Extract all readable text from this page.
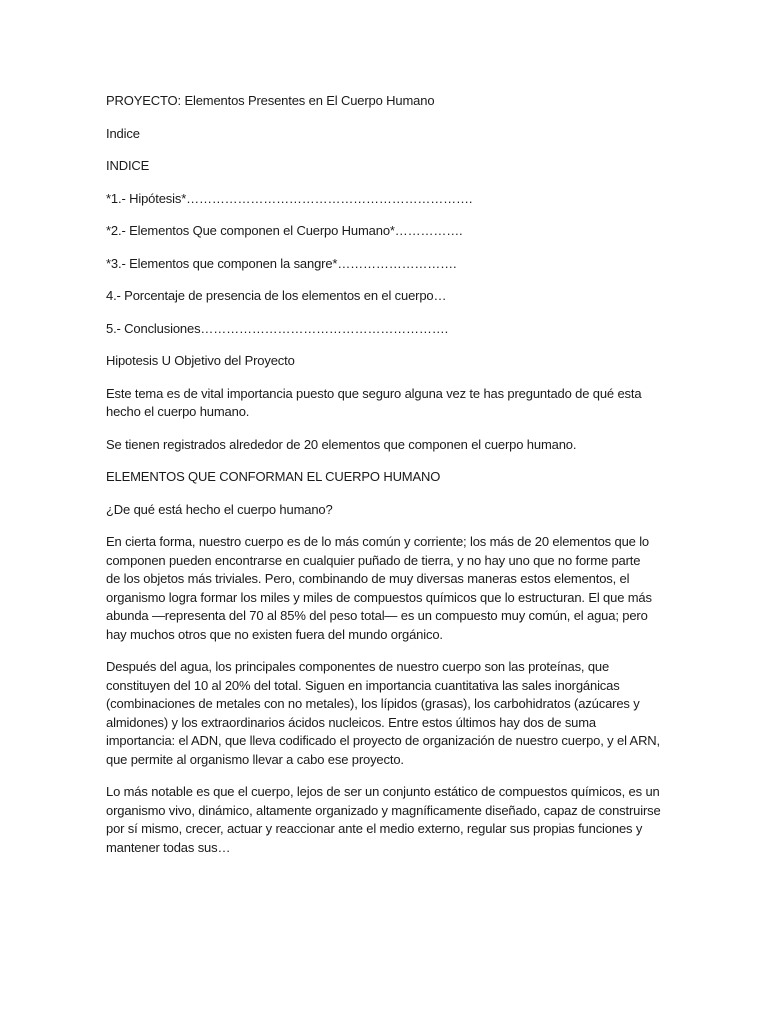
PROYECTO: Elementos Presentes en El Cuerpo Humano

Indice

INDICE

*1.- Hipótesis*………………………………………………………….

*2.- Elementos Que componen el Cuerpo Humano*…………….

*3.- Elementos que componen la sangre*……………………….

4.- Porcentaje de presencia de los elementos en el cuerpo…

5.- Conclusiones………………………………………………….

Hipotesis U Objetivo del Proyecto

Este tema es de vital importancia puesto que seguro alguna vez te has preguntado de qué esta
hecho el cuerpo humano.

Se tienen registrados alrededor de 20 elementos que componen el cuerpo humano.

ELEMENTOS QUE CONFORMAN EL CUERPO HUMANO

¿De qué está hecho el cuerpo humano?

En cierta forma, nuestro cuerpo es de lo más común y corriente; los más de 20 elementos que lo
componen pueden encontrarse en cualquier puñado de tierra, y no hay uno que no forme parte
de los objetos más triviales. Pero, combinando de muy diversas maneras estos elementos, el
organismo logra formar los miles y miles de compuestos químicos que lo estructuran. El que más
abunda —representa del 70 al 85% del peso total— es un compuesto muy común, el agua; pero
hay muchos otros que no existen fuera del mundo orgánico.

Después del agua, los principales componentes de nuestro cuerpo son las proteínas, que
constituyen del 10 al 20% del total. Siguen en importancia cuantitativa las sales inorgánicas
(combinaciones de metales con no metales), los lípidos (grasas), los carbohidratos (azúcares y
almidones) y los extraordinarios ácidos nucleicos. Entre estos últimos hay dos de suma
importancia: el ADN, que lleva codificado el proyecto de organización de nuestro cuerpo, y el ARN,
que permite al organismo llevar a cabo ese proyecto.

Lo más notable es que el cuerpo, lejos de ser un conjunto estático de compuestos químicos, es un
organismo vivo, dinámico, altamente organizado y magníficamente diseñado, capaz de construirse
por sí mismo, crecer, actuar y reaccionar ante el medio externo, regular sus propias funciones y
mantener todas sus…
